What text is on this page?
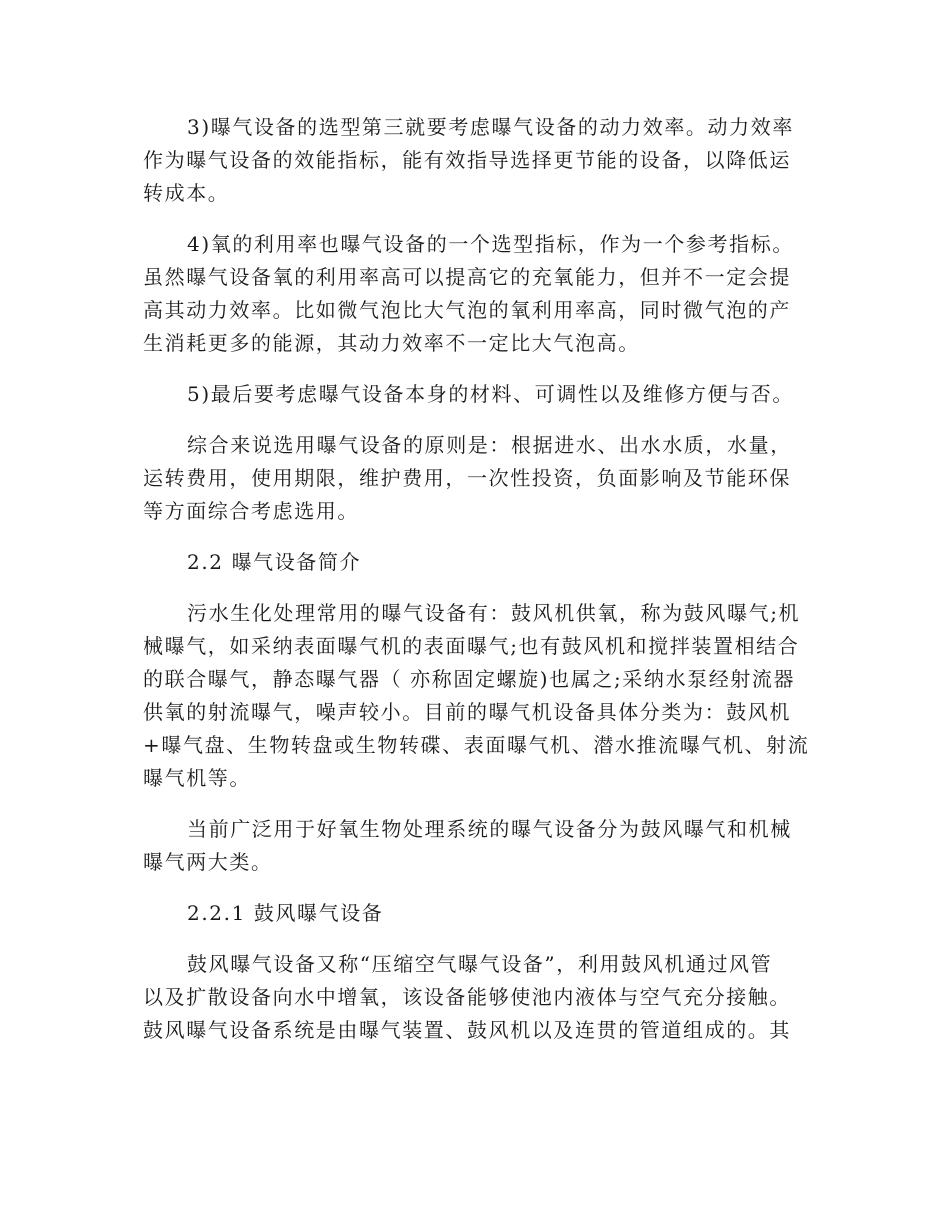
3)曝气设备的选型第三就要考虑曝气设备的动力效率。动力效率
作为曝气设备的效能指标，能有效指导选择更节能的设备，以降低运
转成本。

4)氧的利用率也曝气设备的一个选型指标，作为一个参考指标。
虽然曝气设备氧的利用率高可以提高它的充氧能力，但并不一定会提
高其动力效率。比如微气泡比大气泡的氧利用率高，同时微气泡的产
生消耗更多的能源，其动力效率不一定比大气泡高。

5)最后要考虑曝气设备本身的材料、可调性以及维修方便与否。

综合来说选用曝气设备的原则是：根据进水、出水水质，水量，
运转费用，使用期限，维护费用，一次性投资，负面影响及节能环保
等方面综合考虑选用。

2.2 曝气设备简介

污水生化处理常用的曝气设备有：鼓风机供氧，称为鼓风曝气;机
械曝气，如采纳表面曝气机的表面曝气;也有鼓风机和搅拌装置相结合
的联合曝气，静态曝气器（ 亦称固定螺旋)也属之;采纳水泵经射流器
供氧的射流曝气，噪声较小。目前的曝气机设备具体分类为：鼓风机
+曝气盘、生物转盘或生物转碟、表面曝气机、潜水推流曝气机、射流
曝气机等。

当前广泛用于好氧生物处理系统的曝气设备分为鼓风曝气和机械
曝气两大类。

2.2.1 鼓风曝气设备

鼓风曝气设备又称“压缩空气曝气设备”，利用鼓风机通过风管
以及扩散设备向水中增氧，该设备能够使池内液体与空气充分接触。
鼓风曝气设备系统是由曝气装置、鼓风机以及连贯的管道组成的。其
